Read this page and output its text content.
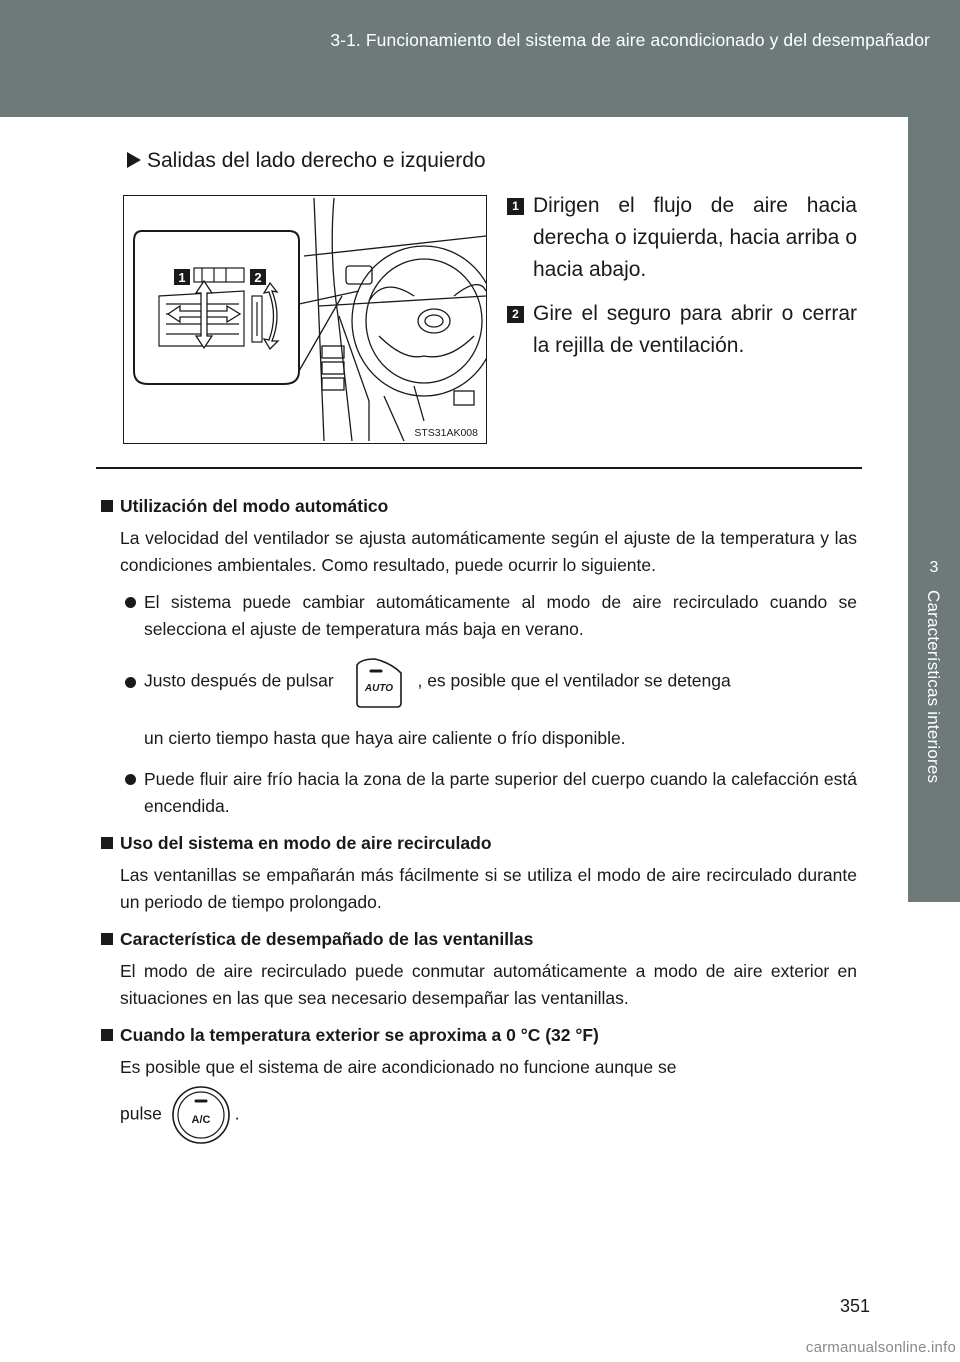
3-1. Funcionamiento del sistema de aire acondicionado y del desempañador
3
Características interiores
Salidas del lado derecho e izquierdo
1	2
STS31AK008
1 Dirigen el flujo de aire hacia derecha o izquierda, hacia arriba o hacia abajo.
2 Gire el seguro para abrir o cerrar la rejilla de ventilación.
Utilización del modo automático
La velocidad del ventilador se ajusta automáticamente según el ajuste de la temperatura y las condiciones ambientales. Como resultado, puede ocurrir lo siguiente.
El sistema puede cambiar automáticamente al modo de aire recirculado cuando se selecciona el ajuste de temperatura más baja en verano.
Justo después de pulsar	AUTO , es posible que el ventilador se detenga
un cierto tiempo hasta que haya aire caliente o frío disponible.
Puede fluir aire frío hacia la zona de la parte superior del cuerpo cuando la calefacción está encendida.
Uso del sistema en modo de aire recirculado
Las ventanillas se empañarán más fácilmente si se utiliza el modo de aire recirculado durante un periodo de tiempo prolongado.
Característica de desempañado de las ventanillas
El modo de aire recirculado puede conmutar automáticamente a modo de aire exterior en situaciones en las que sea necesario desempañar las ventanillas.
Cuando la temperatura exterior se aproxima a 0 °C (32 °F)
Es posible que el sistema de aire acondicionado no funcione aunque se
pulse	A/C .
351
carmanualsonline.info
